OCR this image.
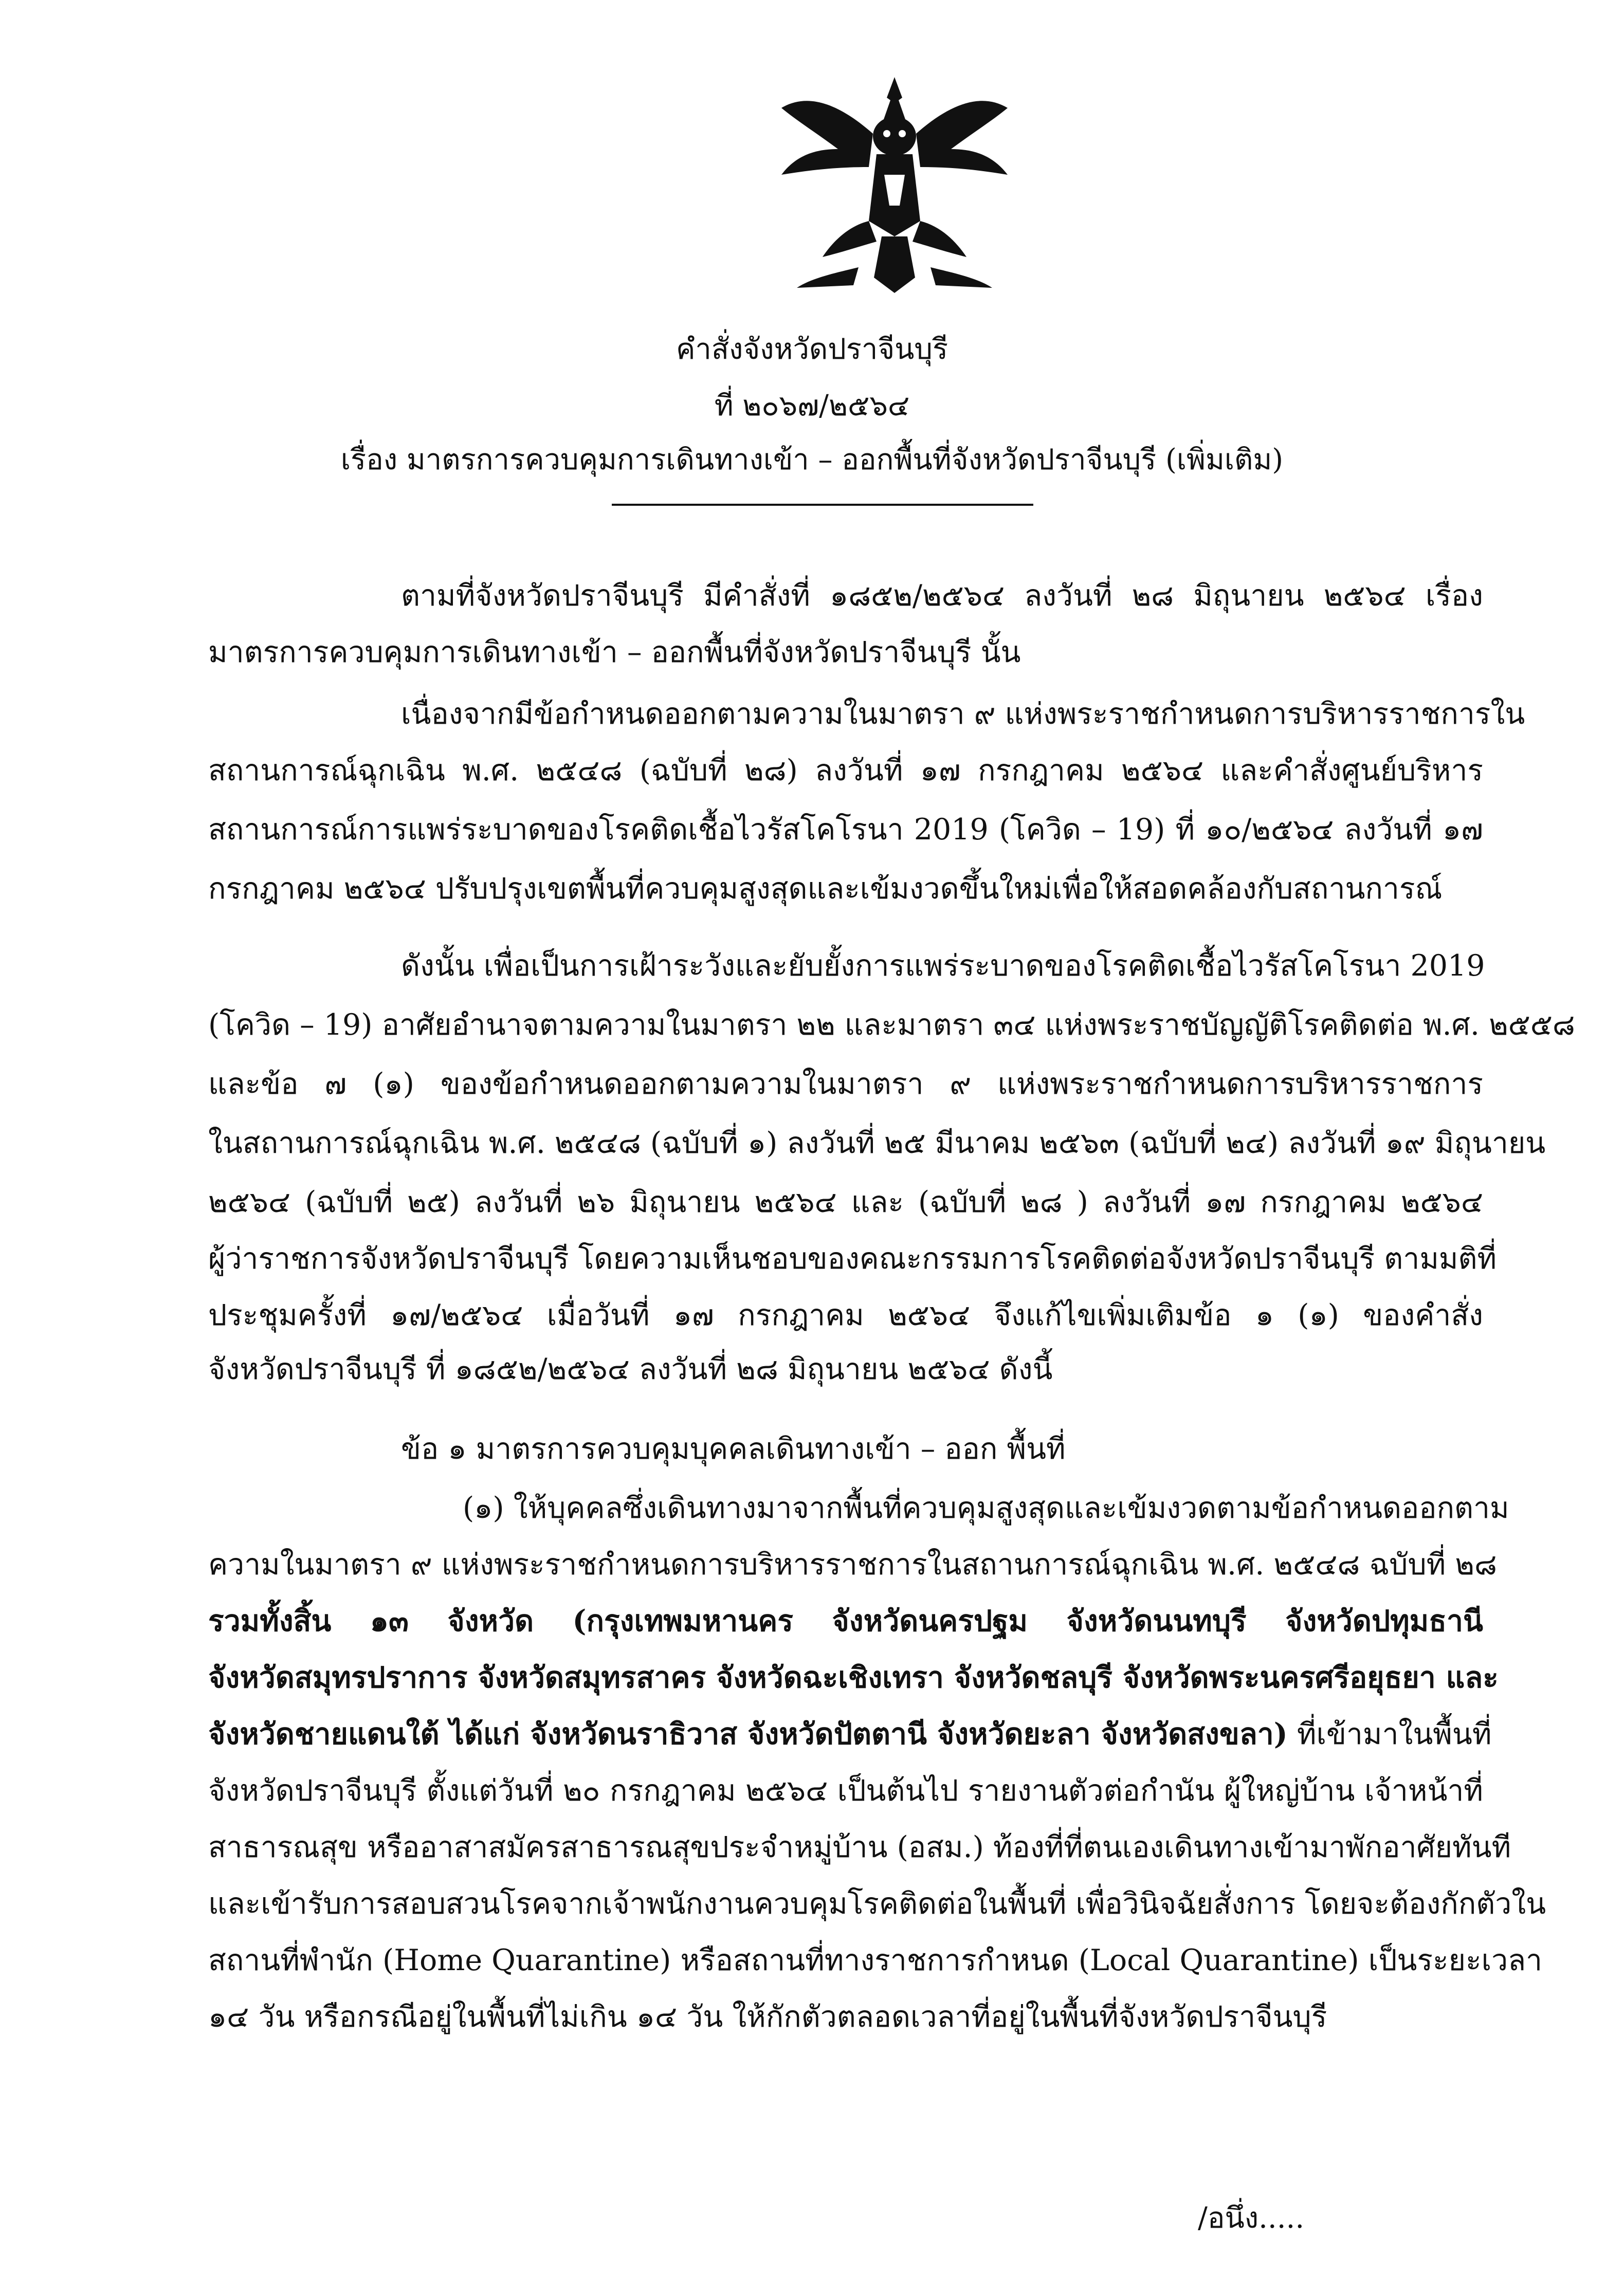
คำสั่งจังหวัดปราจีนบุรี
ที่ ๒๐๖๗/๒๕๖๔
เรื่อง มาตรการควบคุมการเดินทางเข้า – ออกพื้นที่จังหวัดปราจีนบุรี (เพิ่มเติม)
ตามที่จังหวัดปราจีนบุรี มีคำสั่งที่ ๑๘๕๒/๒๕๖๔ ลงวันที่ ๒๘ มิถุนายน ๒๕๖๔ เรื่อง
มาตรการควบคุมการเดินทางเข้า – ออกพื้นที่จังหวัดปราจีนบุรี นั้น
เนื่องจากมีข้อกำหนดออกตามความในมาตรา ๙ แห่งพระราชกำหนดการบริหารราชการใน
สถานการณ์ฉุกเฉิน พ.ศ. ๒๕๔๘ (ฉบับที่ ๒๘) ลงวันที่ ๑๗ กรกฎาคม ๒๕๖๔ และคำสั่งศูนย์บริหาร
สถานการณ์การแพร่ระบาดของโรคติดเชื้อไวรัสโคโรนา 2019 (โควิด – 19) ที่ ๑๐/๒๕๖๔ ลงวันที่ ๑๗
กรกฎาคม ๒๕๖๔ ปรับปรุงเขตพื้นที่ควบคุมสูงสุดและเข้มงวดขึ้นใหม่เพื่อให้สอดคล้องกับสถานการณ์
ดังนั้น เพื่อเป็นการเฝ้าระวังและยับยั้งการแพร่ระบาดของโรคติดเชื้อไวรัสโคโรนา 2019
(โควิด – 19) อาศัยอำนาจตามความในมาตรา ๒๒ และมาตรา ๓๔ แห่งพระราชบัญญัติโรคติดต่อ พ.ศ. ๒๕๕๘
และข้อ ๗ (๑) ของข้อกำหนดออกตามความในมาตรา ๙ แห่งพระราชกำหนดการบริหารราชการ
ในสถานการณ์ฉุกเฉิน พ.ศ. ๒๕๔๘ (ฉบับที่ ๑) ลงวันที่ ๒๕ มีนาคม ๒๕๖๓ (ฉบับที่ ๒๔) ลงวันที่ ๑๙ มิถุนายน
๒๕๖๔ (ฉบับที่ ๒๕) ลงวันที่ ๒๖ มิถุนายน ๒๕๖๔ และ (ฉบับที่ ๒๘ ) ลงวันที่ ๑๗ กรกฎาคม ๒๕๖๔
ผู้ว่าราชการจังหวัดปราจีนบุรี โดยความเห็นชอบของคณะกรรมการโรคติดต่อจังหวัดปราจีนบุรี ตามมติที่
ประชุมครั้งที่ ๑๗/๒๕๖๔ เมื่อวันที่ ๑๗ กรกฎาคม ๒๕๖๔ จึงแก้ไขเพิ่มเติมข้อ ๑ (๑) ของคำสั่ง
จังหวัดปราจีนบุรี ที่ ๑๘๕๒/๒๕๖๔ ลงวันที่ ๒๘ มิถุนายน ๒๕๖๔ ดังนี้
ข้อ ๑ มาตรการควบคุมบุคคลเดินทางเข้า – ออก พื้นที่
(๑) ให้บุคคลซึ่งเดินทางมาจากพื้นที่ควบคุมสูงสุดและเข้มงวดตามข้อกำหนดออกตาม
ความในมาตรา ๙ แห่งพระราชกำหนดการบริหารราชการในสถานการณ์ฉุกเฉิน พ.ศ. ๒๕๔๘ ฉบับที่ ๒๘
รวมทั้งสิ้น ๑๓ จังหวัด (กรุงเทพมหานคร จังหวัดนครปฐม จังหวัดนนทบุรี จังหวัดปทุมธานี
จังหวัดสมุทรปราการ จังหวัดสมุทรสาคร จังหวัดฉะเชิงเทรา จังหวัดชลบุรี จังหวัดพระนครศรีอยุธยา และ
จังหวัดชายแดนใต้ ได้แก่ จังหวัดนราธิวาส จังหวัดปัตตานี จังหวัดยะลา จังหวัดสงขลา) ที่เข้ามาในพื้นที่
จังหวัดปราจีนบุรี ตั้งแต่วันที่ ๒๐ กรกฎาคม ๒๕๖๔ เป็นต้นไป รายงานตัวต่อกำนัน ผู้ใหญ่บ้าน เจ้าหน้าที่
สาธารณสุข หรืออาสาสมัครสาธารณสุขประจำหมู่บ้าน (อสม.) ท้องที่ที่ตนเองเดินทางเข้ามาพักอาศัยทันที
และเข้ารับการสอบสวนโรคจากเจ้าพนักงานควบคุมโรคติดต่อในพื้นที่ เพื่อวินิจฉัยสั่งการ โดยจะต้องกักตัวใน
สถานที่พำนัก (Home Quarantine) หรือสถานที่ทางราชการกำหนด (Local Quarantine) เป็นระยะเวลา
๑๔ วัน หรือกรณีอยู่ในพื้นที่ไม่เกิน ๑๔ วัน ให้กักตัวตลอดเวลาที่อยู่ในพื้นที่จังหวัดปราจีนบุรี
/อนึ่ง.....
